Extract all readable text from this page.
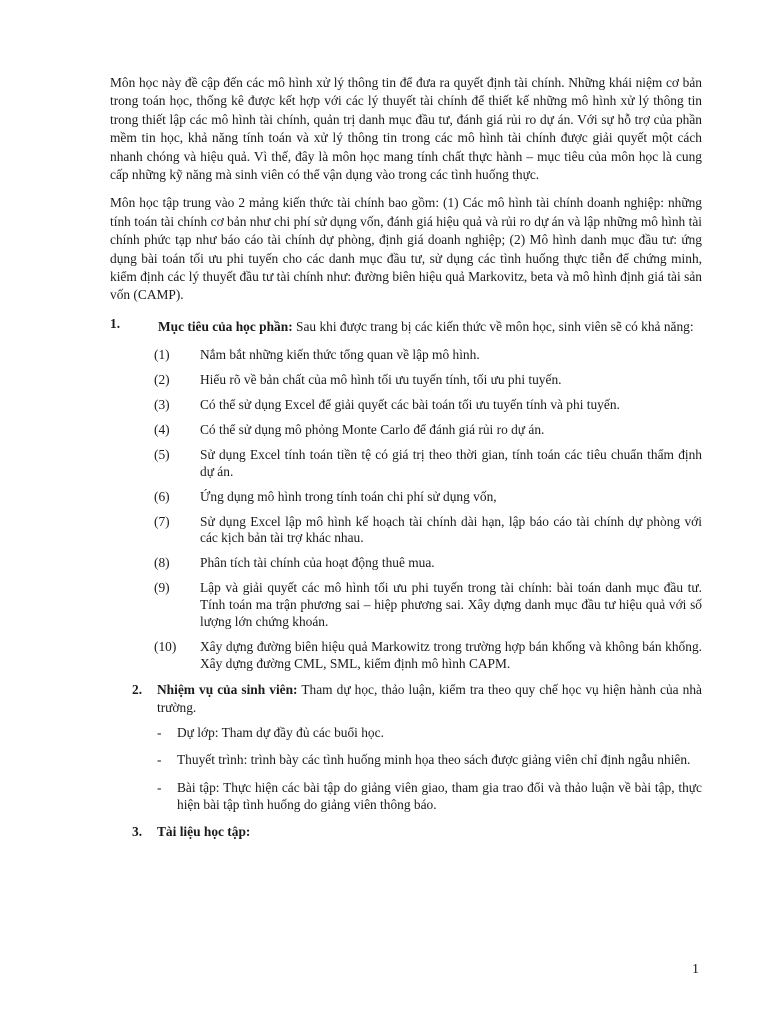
Môn học này đề cập đến các mô hình xử lý thông tin để đưa ra quyết định tài chính. Những khái niệm cơ bản trong toán học, thống kê được kết hợp với các lý thuyết tài chính để thiết kế những mô hình xử lý thông tin trong thiết lập các mô hình tài chính, quản trị danh mục đầu tư, đánh giá rủi ro dự án. Với sự hỗ trợ của phần mềm tin học, khả năng tính toán và xử lý thông tin trong các mô hình tài chính được giải quyết một cách nhanh chóng và hiệu quả. Vì thế, đây là môn học mang tính chất thực hành – mục tiêu của môn học là cung cấp những kỹ năng mà sinh viên có thể vận dụng vào trong các tình huống thực.

Môn học tập trung vào 2 mảng kiến thức tài chính bao gồm: (1) Các mô hình tài chính doanh nghiệp: những tính toán tài chính cơ bản như chi phí sử dụng vốn, đánh giá hiệu quả và rủi ro dự án và lập những mô hình tài chính phức tạp như báo cáo tài chính dự phòng, định giá doanh nghiệp; (2) Mô hình danh mục đầu tư: ứng dụng bài toán tối ưu phi tuyến cho các danh mục đầu tư, sử dụng các tình huống thực tiễn để chứng minh, kiểm định các lý thuyết đầu tư tài chính như: đường biên hiệu quả Markovitz, beta và mô hình định giá tài sản vốn (CAMP).

1.	Mục tiêu của học phần: Sau khi được trang bị các kiến thức về môn học, sinh viên sẽ có khả năng:
(1) Nắm bắt những kiến thức tổng quan về lập mô hình.
(2) Hiểu rõ về bản chất của mô hình tối ưu tuyến tính, tối ưu phi tuyến.
(3) Có thể sử dụng Excel để giải quyết các bài toán tối ưu tuyến tính và phi tuyến.
(4) Có thể sử dụng mô phỏng Monte Carlo để đánh giá rủi ro dự án.
(5) Sử dụng Excel tính toán tiền tệ có giá trị theo thời gian, tính toán các tiêu chuẩn thẩm định dự án.
(6) Ứng dụng mô hình trong tính toán chi phí sử dụng vốn,
(7) Sử dụng Excel lập mô hình kế hoạch tài chính dài hạn, lập báo cáo tài chính dự phòng với các kịch bản tài trợ khác nhau.
(8) Phân tích tài chính của hoạt động thuê mua.
(9) Lập và giải quyết các mô hình tối ưu phi tuyến trong tài chính: bài toán danh mục đầu tư. Tính toán ma trận phương sai – hiệp phương sai. Xây dựng danh mục đầu tư hiệu quả với số lượng lớn chứng khoán.
(10) Xây dựng đường biên hiệu quả Markowitz trong trường hợp bán khống và không bán khống. Xây dựng đường CML, SML, kiểm định mô hình CAPM.
2.	Nhiệm vụ của sinh viên: Tham dự học, thảo luận, kiểm tra theo quy chế học vụ hiện hành của nhà trường.
-	Dự lớp: Tham dự đầy đủ các buổi học.
-	Thuyết trình: trình bày các tình huống minh họa theo sách được giảng viên chỉ định ngẫu nhiên.
-	Bài tập: Thực hiện các bài tập do giảng viên giao, tham gia trao đổi và thảo luận về bài tập, thực hiện bài tập tình huống do giảng viên thông báo.
3.	Tài liệu học tập:
1
